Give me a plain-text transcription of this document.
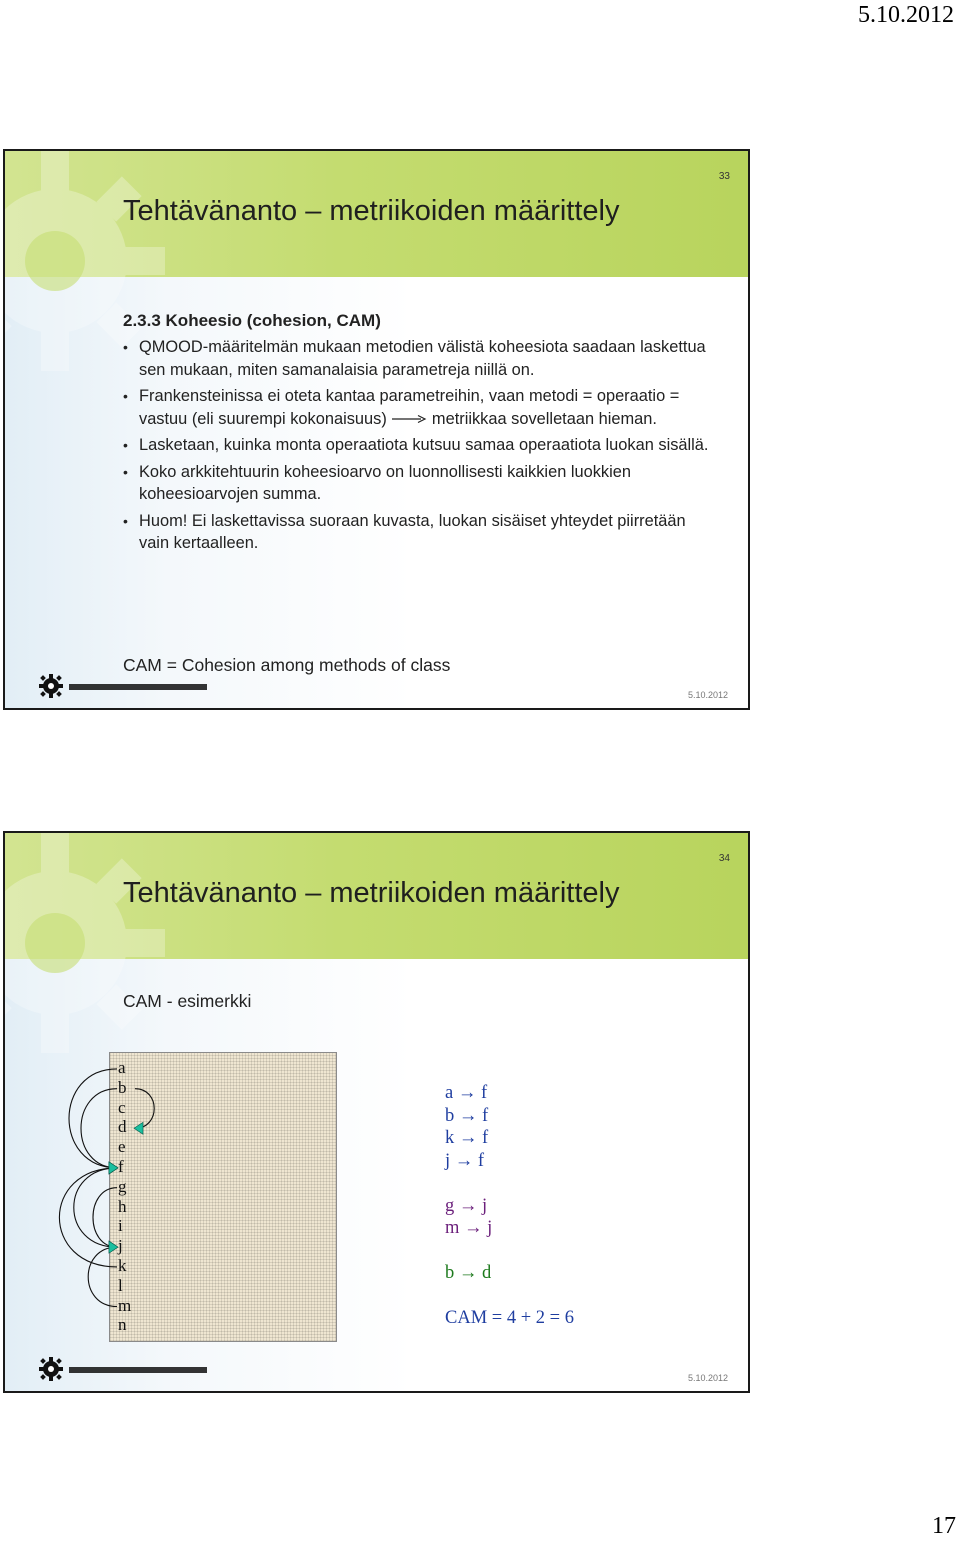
5.10.2012
33
Tehtävänanto – metriikoiden määrittely
2.3.3 Koheesio (cohesion, CAM)
• QMOOD-määritelmän mukaan metodien välistä koheesiota saadaan laskettua sen mukaan, miten samanalaisia parametreja niillä on.
• Frankensteinissa ei oteta kantaa parametreihin, vaan metodi = operaatio = vastuu (eli suurempi kokonaisuus)	metriikkaa sovelletaan hieman.
• Lasketaan, kuinka monta operaatiota kutsuu samaa operaatiota luokan sisällä.
• Koko arkkitehtuurin koheesioarvo on luonnollisesti kaikkien luokkien koheesioarvojen summa.
• Huom! Ei laskettavissa suoraan kuvasta, luokan sisäiset yhteydet piirretään vain kertaalleen.
CAM = Cohesion among methods of class
5.10.2012
34
Tehtävänanto – metriikoiden määrittely
CAM - esimerkki
a
b
c
d
e
f
g
h
i
j
k
l
m
n
a → f
b → f
k → f
j → f
g → j
m → j
b → d
CAM = 4 + 2 = 6
5.10.2012
17
